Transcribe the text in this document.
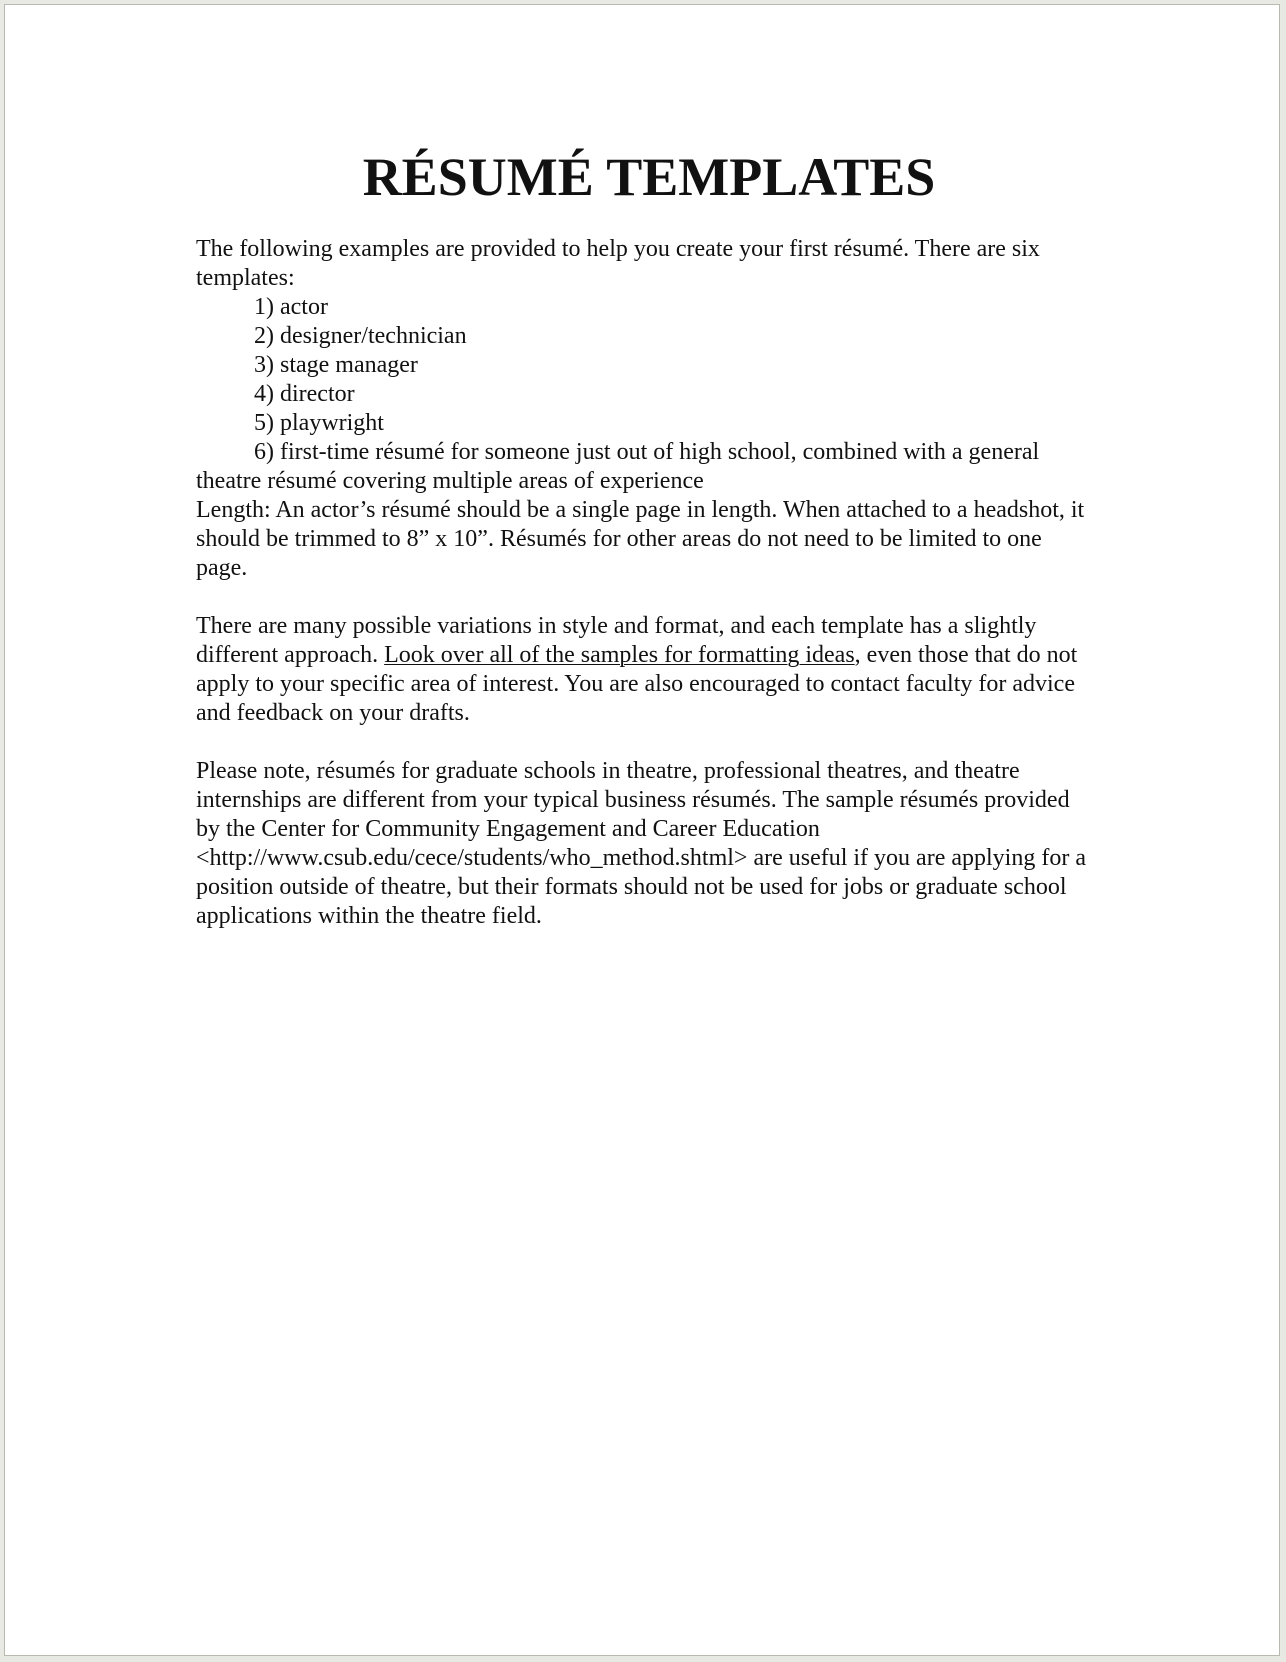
RÉSUMÉ TEMPLATES

The following examples are provided to help you create your first résumé. There are six templates:

1) actor
2) designer/technician
3) stage manager
4) director
5) playwright
6) first-time résumé for someone just out of high school, combined with a general theatre résumé covering multiple areas of experience

Length: An actor’s résumé should be a single page in length. When attached to a headshot, it should be trimmed to 8” x 10”. Résumés for other areas do not need to be limited to one page.

There are many possible variations in style and format, and each template has a slightly different approach. Look over all of the samples for formatting ideas, even those that do not apply to your specific area of interest. You are also encouraged to contact faculty for advice and feedback on your drafts.

Please note, résumés for graduate schools in theatre, professional theatres, and theatre internships are different from your typical business résumés. The sample résumés provided by the Center for Community Engagement and Career Education <http://www.csub.edu/cece/students/who_method.shtml> are useful if you are applying for a position outside of theatre, but their formats should not be used for jobs or graduate school applications within the theatre field.
